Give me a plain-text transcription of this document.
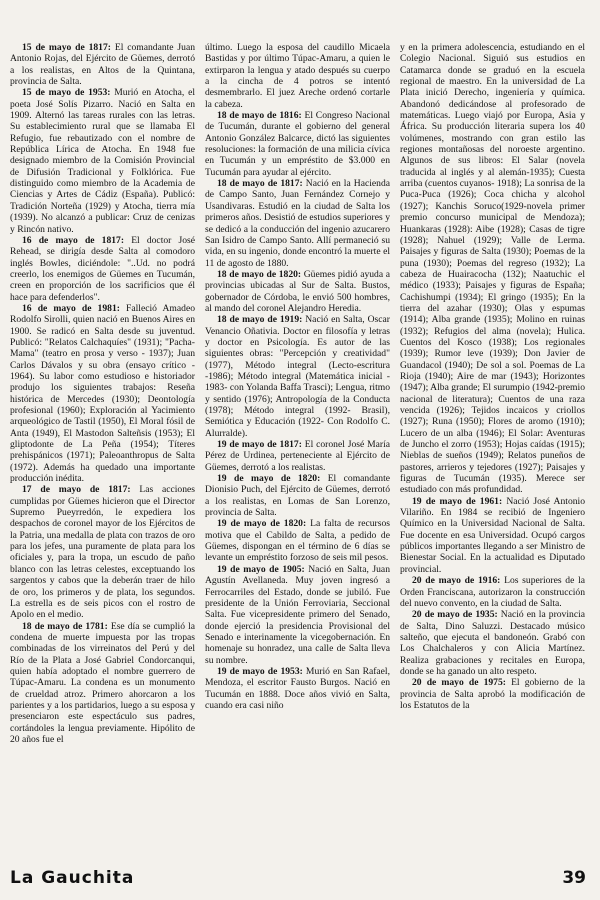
15 de mayo de 1817: El comandante Juan Antonio Rojas, del Ejército de Güemes, derrotó a los realistas, en Altos de la Quintana, provincia de Salta.

15 de mayo de 1953: Murió en Atocha, el poeta José Solís Pizarro. Nació en Salta en 1909. Alternó las tareas rurales con las letras. Su establecimiento rural que se llamaba El Refugio, fue rebautizado con el nombre de República Lírica de Atocha. En 1948 fue designado miembro de la Comisión Provincial de Difusión Tradicional y Folklórica. Fue distinguido como miembro de la Academia de Ciencias y Artes de Cádiz (España). Publicó: Tradición Norteña (1929) y Atocha, tierra mía (1939). No alcanzó a publicar: Cruz de cenizas y Rincón nativo.

16 de mayo de 1817: El doctor José Rehead, se dirigía desde Salta al comodoro inglés Bowles, diciéndole: "..Ud. no podrá creerlo, los enemigos de Güemes en Tucumán, creen en proporción de los sacrificios que él hace para defenderlos".

16 de mayo de 1981: Falleció Amadeo Rodolfo Sirolli, quien nació en Buenos Aires en 1900. Se radicó en Salta desde su juventud. Publicó: "Relatos Calchaquíes" (1931); "Pacha-Mama" (teatro en prosa y verso - 1937); Juan Carlos Dávalos y su obra (ensayo crítico - 1964). Su labor como estudioso e historiador produjo los siguientes trabajos: Reseña histórica de Mercedes (1930); Deontología profesional (1960); Exploración al Yacimiento arqueológico de Tastil (1950), El Moral fósil de Anta (1949), El Mastodon Salteñsis (1953); El gliptodonte de La Peña (1954); Títeres prehispánicos (1971); Paleoanthropus de Salta (1972). Además ha quedado una importante producción inédita.

17 de mayo de 1817: Las acciones cumplidas por Güemes hicieron que el Director Supremo Pueyrredón, le expediera los despachos de coronel mayor de los Ejércitos de la Patria, una medalla de plata con trazos de oro para los jefes, una puramente de plata para los oficiales y, para la tropa, un escudo de paño blanco con las letras celestes, exceptuando los sargentos y cabos que la deberán traer de hilo de oro, los primeros y de plata, los segundos. La estrella es de seis picos con el rostro de Apolo en el medio.

18 de mayo de 1781: Ese día se cumplió la condena de muerte impuesta por las tropas combinadas de los virreinatos del Perú y del Río de la Plata a José Gabriel Condorcanqui, quien había adoptado el nombre guerrero de Túpac-Amaru. La condena es un monumento de crueldad atroz. Primero ahorcaron a los parientes y a los partidarios, luego a su esposa y presenciaron este espectáculo sus padres, cortándoles la lengua previamente. Hipólito de 20 años fue el

último. Luego la esposa del caudillo Micaela Bastidas y por último Túpac-Amaru, a quien le extirparon la lengua y atado después su cuerpo a la cincha de 4 potros se intentó desmembrarlo. El juez Areche ordenó cortarle la cabeza.

18 de mayo de 1816: El Congreso Nacional de Tucumán, durante el gobierno del general Antonio González Balcarce, dictó las siguientes resoluciones: la formación de una milicia cívica en Tucumán y un empréstito de $3.000 en Tucumán para ayudar al ejército.

18 de mayo de 1817: Nació en la Hacienda de Campo Santo, Juan Fernández Cornejo y Usandivaras. Estudió en la ciudad de Salta los primeros años. Desistió de estudios superiores y se dedicó a la conducción del ingenio azucarero San Isidro de Campo Santo. Allí permaneció su vida, en su ingenio, donde encontró la muerte el 11 de agosto de 1880.

18 de mayo de 1820: Güemes pidió ayuda a provincias ubicadas al Sur de Salta. Bustos, gobernador de Córdoba, le envió 500 hombres, al mando del coronel Alejandro Heredia.

18 de mayo de 1919: Nació en Salta, Oscar Venancio Oñativia. Doctor en filosofía y letras y doctor en Psicología. Es autor de las siguientes obras: "Percepción y creatividad" (1977), Método integral (Lecto-escritura -1986); Método integral (Matemática inicial - 1983- con Yolanda Baffa Trasci); Lengua, ritmo y sentido (1976); Antropología de la Conducta (1978); Método integral (1992- Brasil), Semiótica y Educación (1922- Con Rodolfo C. Alurralde).

19 de mayo de 1817: El coronel José María Pérez de Urdinea, perteneciente al Ejército de Güemes, derrotó a los realistas.

19 de mayo de 1820: El comandante Dionisio Puch, del Ejército de Güemes, derrotó a los realistas, en Lomas de San Lorenzo, provincia de Salta.

19 de mayo de 1820: La falta de recursos motiva que el Cabildo de Salta, a pedido de Güemes, dispongan en el término de 6 días se levante un empréstito forzoso de seis mil pesos.

19 de mayo de 1905: Nació en Salta, Juan Agustín Avellaneda. Muy joven ingresó a Ferrocarriles del Estado, donde se jubiló. Fue presidente de la Unión Ferroviaria, Seccional Salta. Fue vicepresidente primero del Senado, donde ejerció la presidencia Provisional del Senado e interinamente la vicegobernación. En homenaje su honradez, una calle de Salta lleva su nombre.

19 de mayo de 1953: Murió en San Rafael, Mendoza, el escritor Fausto Burgos. Nació en Tucumán en 1888. Doce años vivió en Salta, cuando era casi niño

y en la primera adolescencia, estudiando en el Colegio Nacional. Siguió sus estudios en Catamarca donde se graduó en la escuela regional de maestro. En la universidad de La Plata inició Derecho, ingeniería y química. Abandonó dedicándose al profesorado de matemáticas. Luego viajó por Europa, Asia y África. Su producción literaria supera los 40 volúmenes, mostrando con gran estilo las regiones montañosas del noroeste argentino. Algunos de sus libros: El Salar (novela traducida al inglés y al alemán-1935); Cuesta arriba (cuentos cuyanos- 1918); La sonrisa de la Puca-Puca (1926); Coca chicha y alcohol (1927); Kanchis Soruco(1929-novela primer premio concurso municipal de Mendoza); Huankaras (1928): Aibe (1928); Casas de tigre (1928); Nahuel (1929); Valle de Lerma. Paisajes y figuras de Salta (1930); Poemas de la puna (1930); Poemas del regreso (1932); La cabeza de Huairacocha (132); Naatuchic el médico (1933); Paisajes y figuras de España; Cachishumpi (1934); El gringo (1935); En la tierra del azahar (1930); Olas y espumas (1914); Alba grande (1935); Molino en ruinas (1932); Refugios del alma (novela); Hulica. Cuentos del Kosco (1938); Los regionales (1939); Rumor leve (1939); Don Javier de Guandacol (1940); De sol a sol. Poemas de La Rioja (1940); Aire de mar (1943); Horizontes (1947); Alba grande; El surumpio (1942-premio nacional de literatura); Cuentos de una raza vencida (1926); Tejidos incaicos y criollos (1927); Runa (1950); Flores de aromo (1910); Lucero de un alba (1946); El Solar: Aventuras de Juncho el zorro (1953); Hojas caídas (1915); Nieblas de sueños (1949); Relatos puneños de pastores, arrieros y tejedores (1927); Paisajes y figuras de Tucumán (1935). Merece ser estudiado con más profundidad.

19 de mayo de 1961: Nació José Antonio Vilariño. En 1984 se recibió de Ingeniero Químico en la Universidad Nacional de Salta. Fue docente en esa Universidad. Ocupó cargos públicos importantes llegando a ser Ministro de Bienestar Social. En la actualidad es Diputado provincial.

20 de mayo de 1916: Los superiores de la Orden Franciscana, autorizaron la construcción del nuevo convento, en la ciudad de Salta.

20 de mayo de 1935: Nació en la provincia de Salta, Dino Saluzzi. Destacado músico salteño, que ejecuta el bandoneón. Grabó con Los Chalchaleros y con Alicia Martínez. Realiza grabaciones y recitales en Europa, donde se ha ganado un alto respeto.

20 de mayo de 1975: El gobierno de la provincia de Salta aprobó la modificación de los Estatutos de la

La Gauchita	39
